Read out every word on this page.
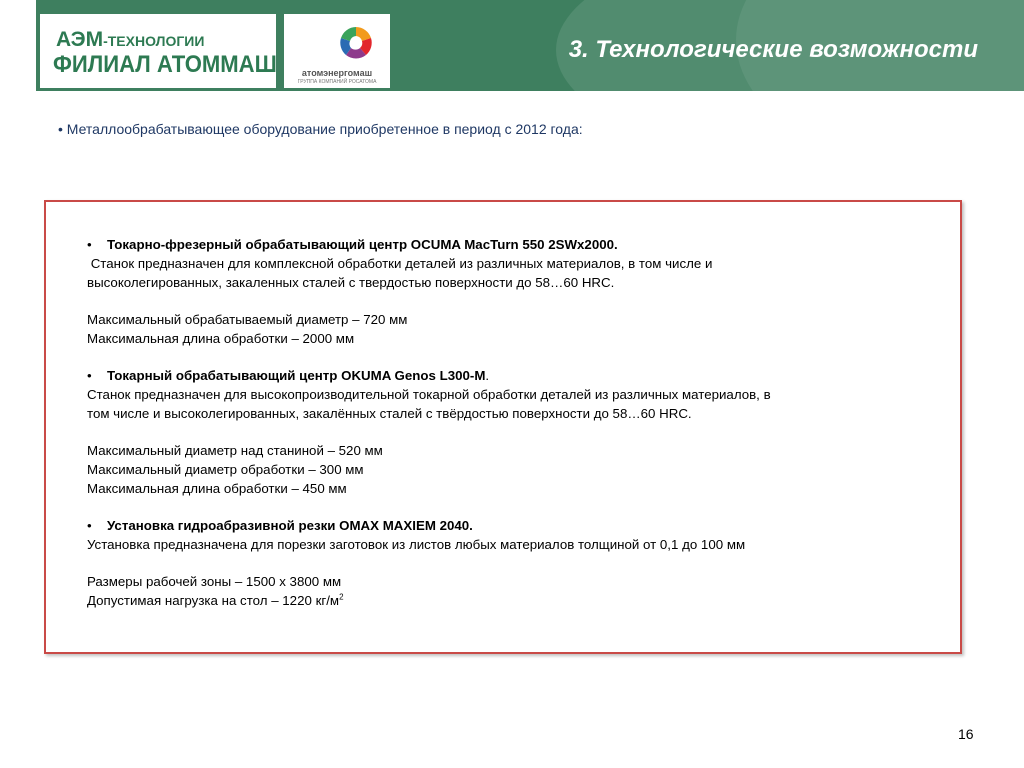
АЭМ-ТЕХНОЛОГИИ
ФИЛИАЛ АТОММАШ	атомэнергомаш
ГРУППА КОМПАНИЙ РОСАТОМА
3. Технологические возможности
• Металлообрабатывающее оборудование приобретенное в период с 2012 года:

• Токарно-фрезерный обрабатывающий центр OCUMA MacTurn 550 2SWx2000.

Станок предназначен для комплексной обработки деталей из различных материалов, в том числе и

высоколегированных, закаленных сталей с твердостью поверхности до 58…60 HRC.

Максимальный обрабатываемый диаметр – 720 мм

Максимальная длина обработки – 2000 мм

• Токарный обрабатывающий центр OKUMA Genos L300-M.

Станок предназначен для высокопроизводительной токарной обработки деталей из различных материалов, в

том числе и высоколегированных, закалённых сталей с твёрдостью поверхности до 58…60 HRC.

Максимальный диаметр над станиной – 520 мм

Максимальный диаметр обработки – 300 мм

Максимальная длина обработки – 450 мм

• Установка гидроабразивной резки OMAX MAXIEM 2040.

Установка предназначена для порезки заготовок из листов любых материалов толщиной от 0,1 до 100 мм

Размеры рабочей зоны – 1500 х 3800 мм

Допустимая нагрузка на стол – 1220 $кг/м^2$

16
